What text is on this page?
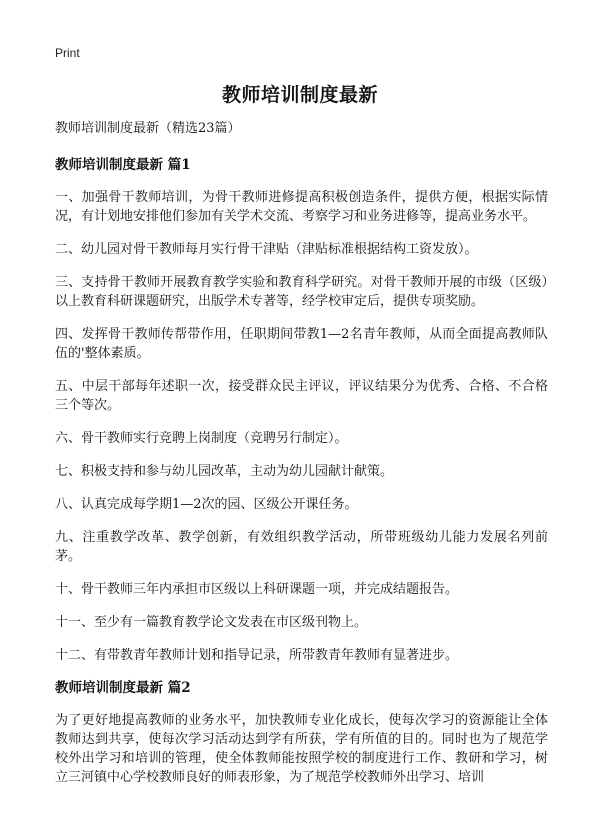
Print
教师培训制度最新

教师培训制度最新（精选23篇）

教师培训制度最新 篇1

一、加强骨干教师培训，为骨干教师进修提高积极创造条件，提供方便，根据实际情况，有计划地安排他们参加有关学术交流、考察学习和业务进修等，提高业务水平。

二、幼儿园对骨干教师每月实行骨干津贴（津贴标准根据结构工资发放）。

三、支持骨干教师开展教育教学实验和教育科学研究。对骨干教师开展的市级（区级）以上教育科研课题研究，出版学术专著等，经学校审定后，提供专项奖励。

四、发挥骨干教师传帮带作用，任职期间带教1—2名青年教师，从而全面提高教师队伍的'整体素质。

五、中层干部每年述职一次，接受群众民主评议，评议结果分为优秀、合格、不合格三个等次。

六、骨干教师实行竞聘上岗制度（竞聘另行制定）。

七、积极支持和参与幼儿园改革，主动为幼儿园献计献策。

八、认真完成每学期1—2次的园、区级公开课任务。

九、注重教学改革、教学创新，有效组织教学活动，所带班级幼儿能力发展名列前茅。

十、骨干教师三年内承担市区级以上科研课题一项，并完成结题报告。

十一、至少有一篇教育教学论文发表在市区级刊物上。

十二、有带教青年教师计划和指导记录，所带教青年教师有显著进步。

教师培训制度最新 篇2

为了更好地提高教师的业务水平，加快教师专业化成长，使每次学习的资源能让全体教师达到共享，使每次学习活动达到学有所获，学有所值的目的。同时也为了规范学校外出学习和培训的管理，使全体教师能按照学校的制度进行工作、教研和学习，树立三河镇中心学校教师良好的师表形象，为了规范学校教师外出学习、培训
